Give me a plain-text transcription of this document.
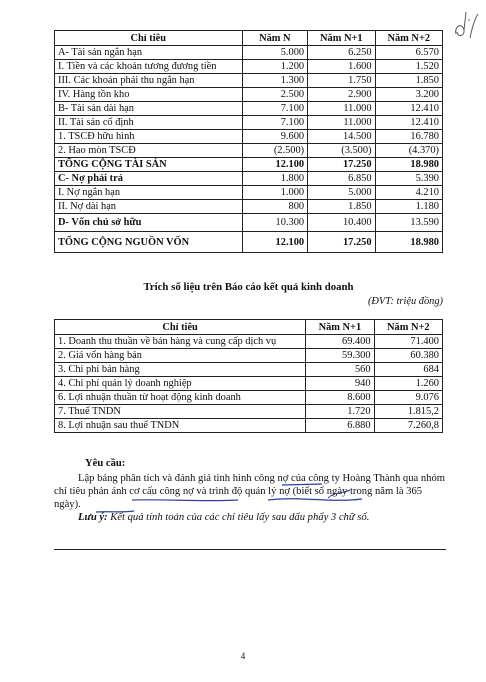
Chỉ tiêu	Năm N	Năm N+1	Năm N+2
A- Tài sản ngắn hạn	5.000	6.250	6.570
I. Tiền và các khoản tương đương tiền	1.200	1.600	1.520
III. Các khoản phải thu ngắn hạn	1.300	1.750	1.850
IV. Hàng tồn kho	2.500	2.900	3.200
B- Tài sản dài hạn	7.100	11.000	12.410
II. Tài sản cố định	7.100	11.000	12.410
1. TSCĐ hữu hình	9.600	14.500	16.780
2. Hao mòn TSCĐ	(2.500)	(3.500)	(4.370)
TỔNG CỘNG TÀI SẢN	12.100	17.250	18.980
C- Nợ phải trả	1.800	6.850	5.390
I. Nợ ngắn hạn	1.000	5.000	4.210
II. Nợ dài hạn	800	1.850	1.180
D- Vốn chủ sở hữu	10.300	10.400	13.590
TỔNG CỘNG NGUỒN VỐN	12.100	17.250	18.980
Trích số liệu trên Báo cáo kết quả kinh doanh
(ĐVT: triệu đồng)
Chỉ tiêu	Năm N+1	Năm N+2
1. Doanh thu thuần về bán hàng và cung cấp dịch vụ	69.400	71.400
2. Giá vốn hàng bán	59.300	60.380
3. Chi phí bán hàng	560	684
4. Chi phí quản lý doanh nghiệp	940	1.260
6. Lợi nhuận thuần từ hoạt động kinh doanh	8.600	9.076
7. Thuế TNDN	1.720	1.815,2
8. Lợi nhuận sau thuế TNDN	6.880	7.260,8
Yêu cầu:

Lập bảng phân tích và đánh giá tình hình công nợ của công ty Hoàng Thành qua nhóm chỉ tiêu phản ánh cơ cấu công nợ và trình độ quản lý nợ (biết số ngày trong năm là 365 ngày).

Lưu ý: Kết quả tính toán của các chỉ tiêu lấy sau dấu phẩy 3 chữ số.

4
